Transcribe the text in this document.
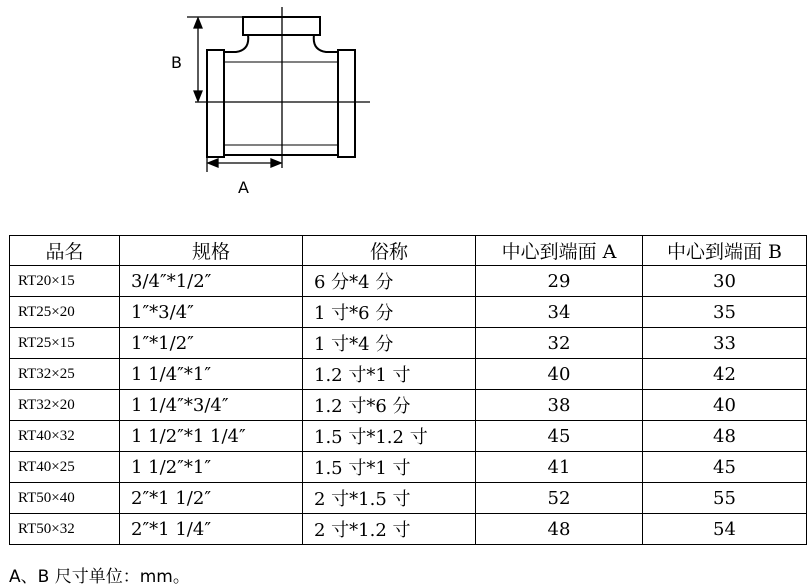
B
A
品名	规格	俗称	中心到端面 A	中心到端面 B
RT20×15	3/4″*1/2″	6 分*4 分	29	30
RT25×20	1″*3/4″	1 寸*6 分	34	35
RT25×15	1″*1/2″	1 寸*4 分	32	33
RT32×25	1 1/4″*1″	1.2 寸*1 寸	40	42
RT32×20	1 1/4″*3/4″	1.2 寸*6 分	38	40
RT40×32	1 1/2″*1 1/4″	1.5 寸*1.2 寸	45	48
RT40×25	1 1/2″*1″	1.5 寸*1 寸	41	45
RT50×40	2″*1 1/2″	2 寸*1.5 寸	52	55
RT50×32	2″*1 1/4″	2 寸*1.2 寸	48	54
A、B 尺寸单位：mm。
